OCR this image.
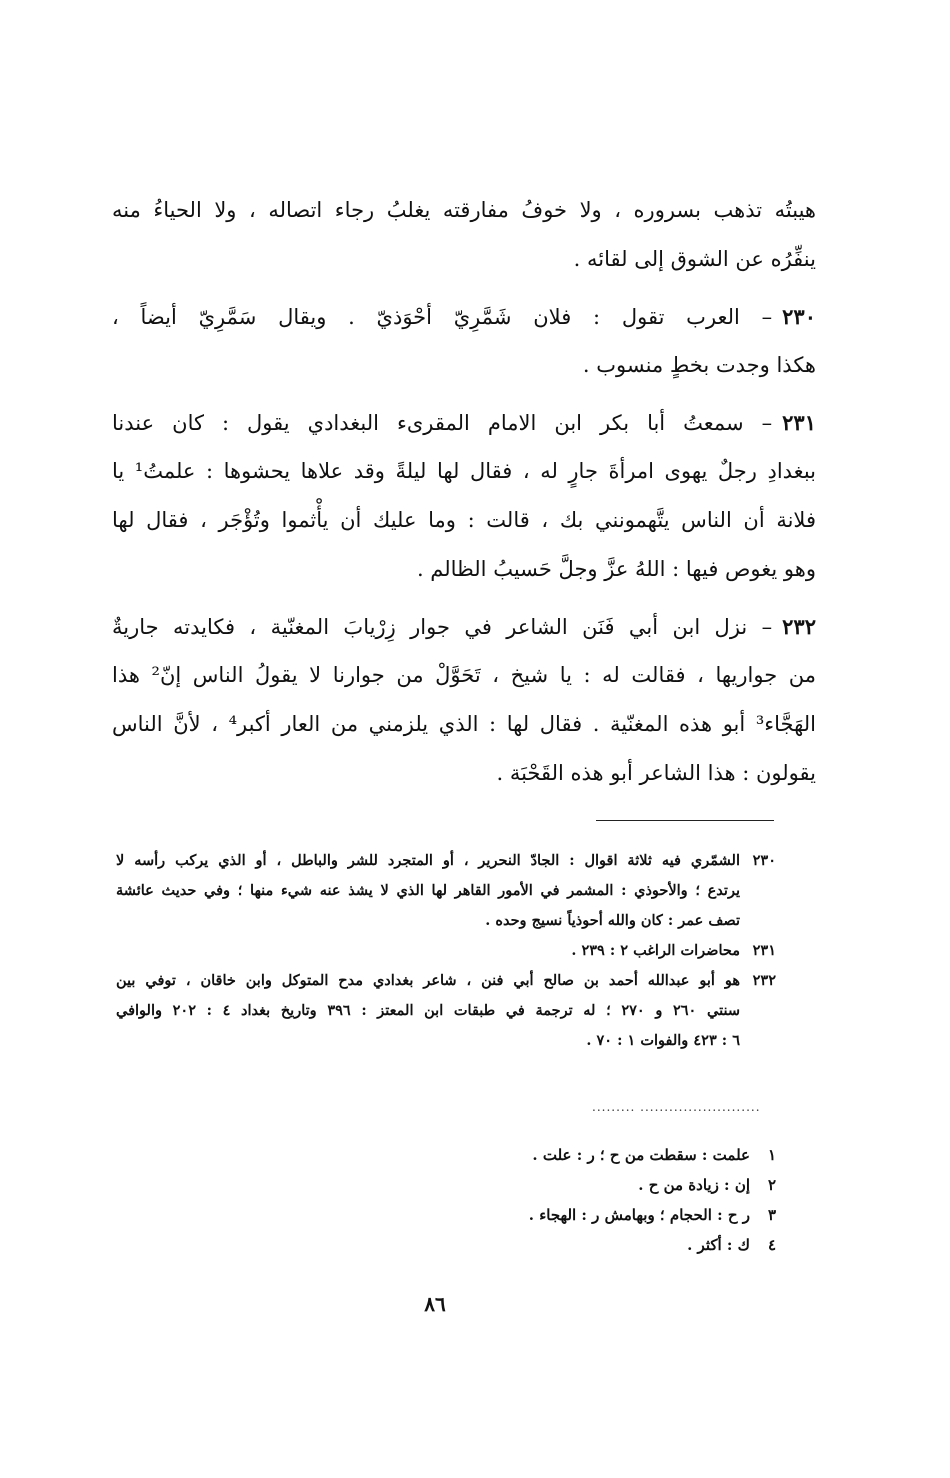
هيبتُه تذهب بسروره ، ولا خوفُ مفارقته يغلبُ رجاء اتصاله ، ولا الحياءُ منه
ينفِّرُه عن الشوق إلى لقائه .
٢٣٠– العرب تقول : فلان شَمَّرِيّ أحْوَذيّ . ويقال سَمَّرِيّ أيضاً ،
هكذا وجدت بخطٍ منسوب .
٢٣١– سمعتُ أبا بكر ابن الامام المقرىء البغدادي يقول : كان عندنا
ببغدادِ رجلٌ يهوى امرأةَ جارٍ له ، فقال لها ليلةً وقد علاها يحشوها : علمتُ¹ يا
فلانة أن الناس يتَّهمونني بك ، قالت : وما عليك أن يأْثموا وتُؤْجَر ، فقال لها
وهو يغوص فيها : اللهُ عزَّ وجلَّ حَسيبُ الظالم .
٢٣٢– نزل ابن أبي فَنَن الشاعر في جوار زِرْيابَ المغنّية ، فكايدته جاريةٌ
من جواريها ، فقالت له : يا شيخ ، تَحَوَّلْ من جوارنا لا يقولُ الناس إنّ² هذا
الهَجَّاء³ أبو هذه المغنّية . فقال لها : الذي يلزمني من العار أكبر⁴ ، لأنَّ الناس
يقولون : هذا الشاعر أبو هذه القَحْبَة .
٢٣٠الشمّري فيه ثلاثة اقوال : الجادّ النحرير ، أو المتجرد للشر والباطل ، أو الذي يركب رأسه لا
يرتدع ؛ والأحوذي : المشمر في الأمور القاهر لها الذي لا يشذ عنه شيء منها ؛ وفي حديث عائشة
تصف عمر : كان والله أحوذياً نسيج وحده .
٢٣١محاضرات الراغب ٢ : ٢٣٩ .
٢٣٢هو أبو عبدالله أحمد بن صالح أبي فنن ، شاعر بغدادي مدح المتوكل وابن خاقان ، توفي بين
سنتي ٢٦٠ و ٢٧٠ ؛ له ترجمة في طبقات ابن المعتز : ٣٩٦ وتاريخ بغداد ٤ : ٢٠٢ والوافي
٦ : ٤٢٣ والفوات ١ : ٧٠ .
......... .........................
١علمت : سقطت من ح ؛ ر : علت .
٢إن : زيادة من ح .
٣ر ح : الحجام ؛ وبهامش ر : الهجاء .
٤ك : أكثر .
٨٦
